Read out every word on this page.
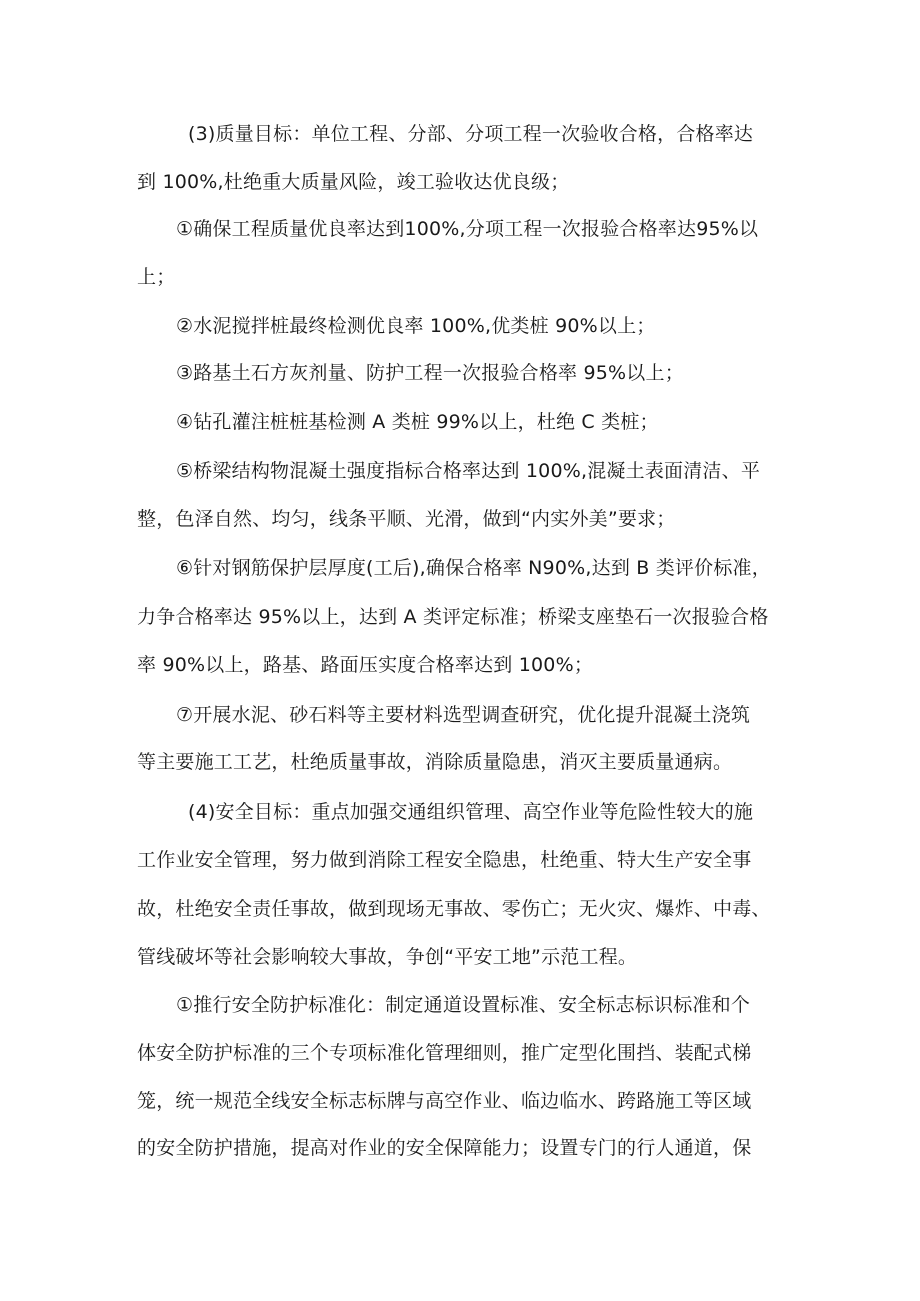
(3)质量目标：单位工程、分部、分项工程一次验收合格，合格率达

到 100%,杜绝重大质量风险，竣工验收达优良级；

①确保工程质量优良率达到100%,分项工程一次报验合格率达95%以

上；

②水泥搅拌桩最终检测优良率 100%,优类桩 90%以上；

③路基土石方灰剂量、防护工程一次报验合格率 95%以上；

④钻孔灌注桩桩基检测 A 类桩 99%以上，杜绝 C 类桩；

⑤桥梁结构物混凝土强度指标合格率达到 100%,混凝土表面清洁、平

整，色泽自然、均匀，线条平顺、光滑，做到“内实外美”要求；

⑥针对钢筋保护层厚度(工后),确保合格率 N90%,达到 B 类评价标准，

力争合格率达 95%以上，达到 A 类评定标准；桥梁支座垫石一次报验合格

率 90%以上，路基、路面压实度合格率达到 100%；

⑦开展水泥、砂石料等主要材料选型调查研究，优化提升混凝土浇筑

等主要施工工艺，杜绝质量事故，消除质量隐患，消灭主要质量通病。

(4)安全目标：重点加强交通组织管理、高空作业等危险性较大的施

工作业安全管理，努力做到消除工程安全隐患，杜绝重、特大生产安全事

故，杜绝安全责任事故，做到现场无事故、零伤亡；无火灾、爆炸、中毒、

管线破坏等社会影响较大事故，争创“平安工地”示范工程。

①推行安全防护标准化：制定通道设置标准、安全标志标识标准和个

体安全防护标准的三个专项标准化管理细则，推广定型化围挡、装配式梯

笼，统一规范全线安全标志标牌与高空作业、临边临水、跨路施工等区域

的安全防护措施，提高对作业的安全保障能力；设置专门的行人通道，保
